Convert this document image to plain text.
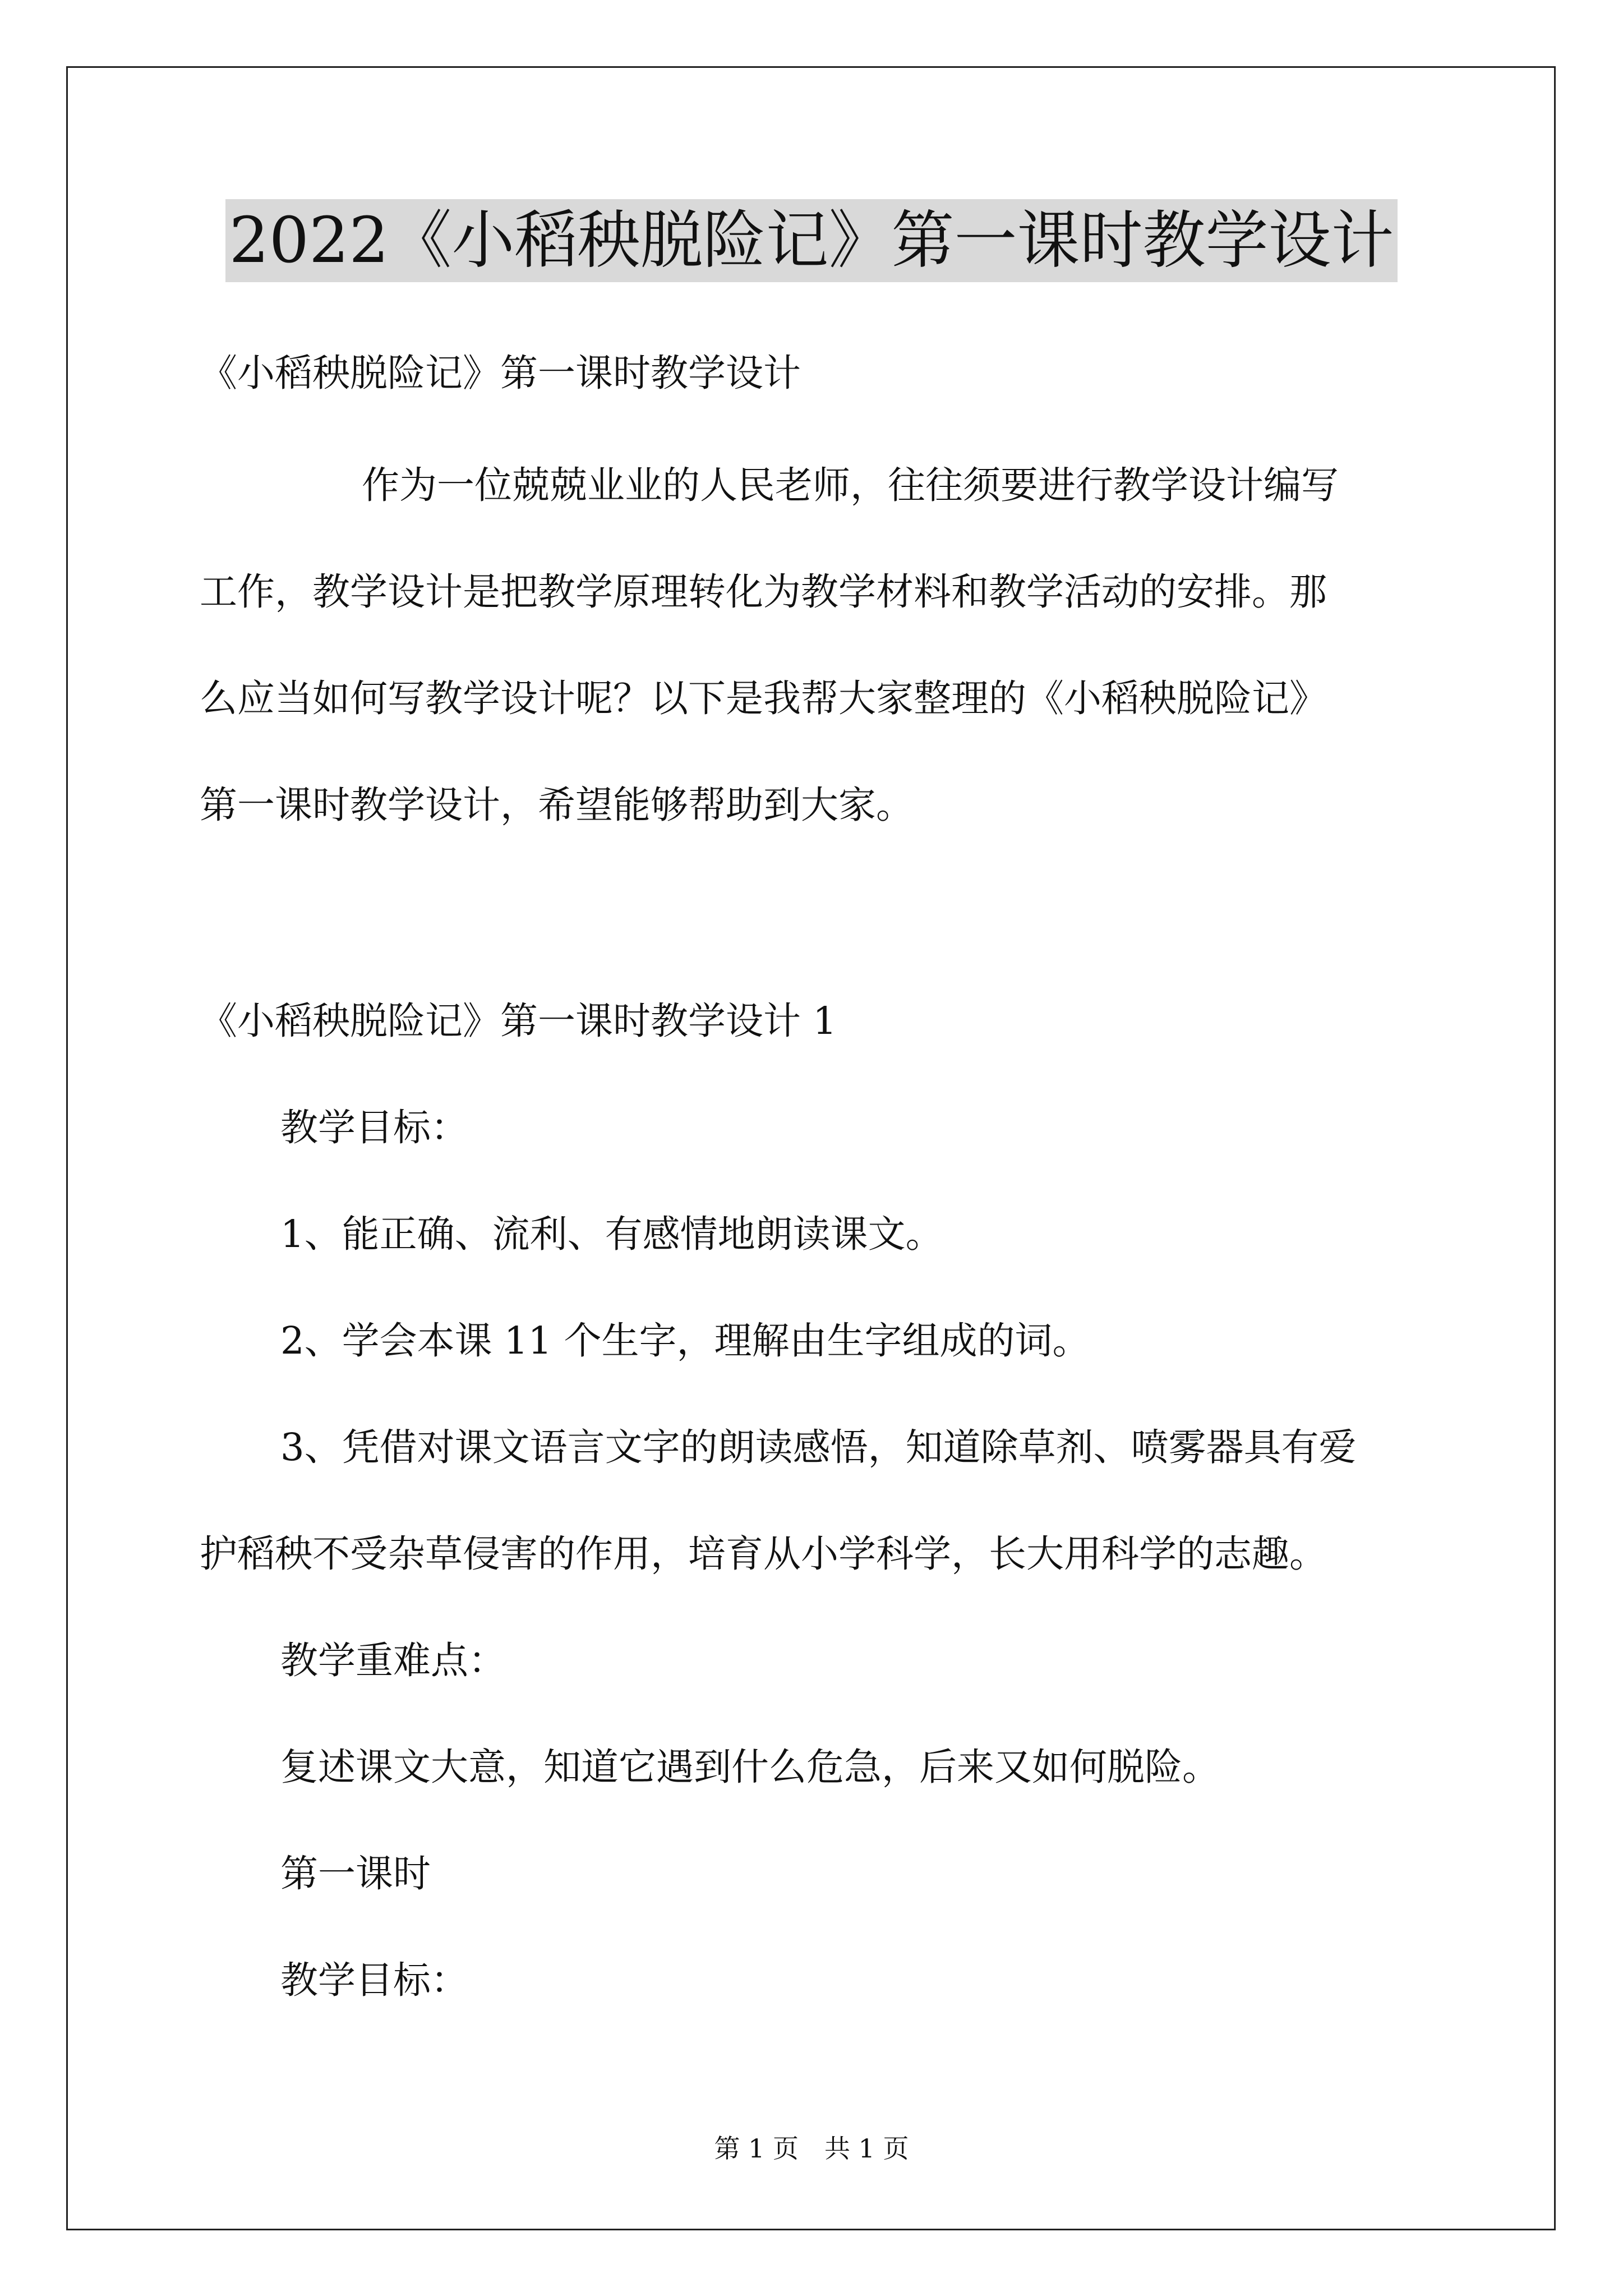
2022《小稻秧脱险记》第一课时教学设计
《小稻秧脱险记》第一课时教学设计
作为一位兢兢业业的人民老师，往往须要进行教学设计编写
工作，教学设计是把教学原理转化为教学材料和教学活动的安排。那
么应当如何写教学设计呢？以下是我帮大家整理的《小稻秧脱险记》
第一课时教学设计，希望能够帮助到大家。
《小稻秧脱险记》第一课时教学设计 1
教学目标：
1、能正确、流利、有感情地朗读课文。
2、学会本课 11 个生字，理解由生字组成的词。
3、凭借对课文语言文字的朗读感悟，知道除草剂、喷雾器具有爱
护稻秧不受杂草侵害的作用，培育从小学科学，长大用科学的志趣。
教学重难点：
复述课文大意，知道它遇到什么危急，后来又如何脱险。
第一课时
教学目标：
第 1 页　共 1 页
